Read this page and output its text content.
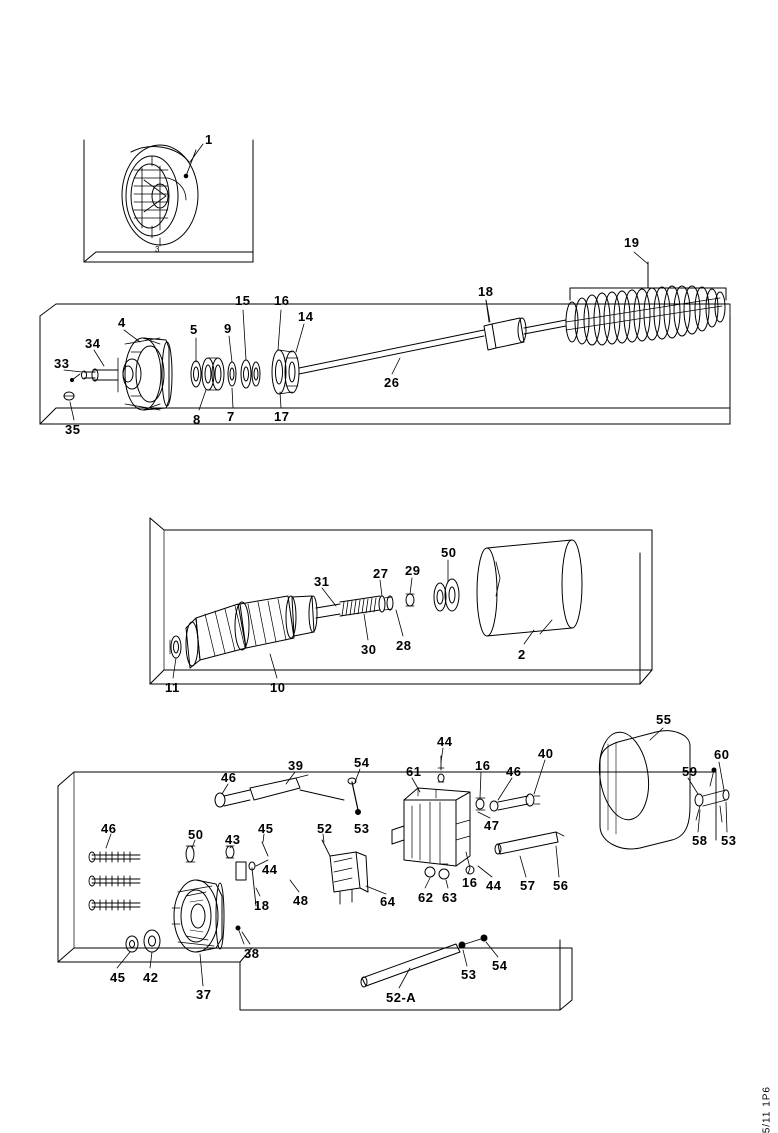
3
1
19
15 16
18
14
4	5 9
34
33
26
8 7	17
35
31
27 29
50
30 28
2
11	10
55
44
40
39	16 46
61	59
60
46
54
47
50 43
45	52 53
46
58 53
44
48
57 56
16 44
62 63
64
18
38
45 42
37	52-A
53
54
5/11 1P6
